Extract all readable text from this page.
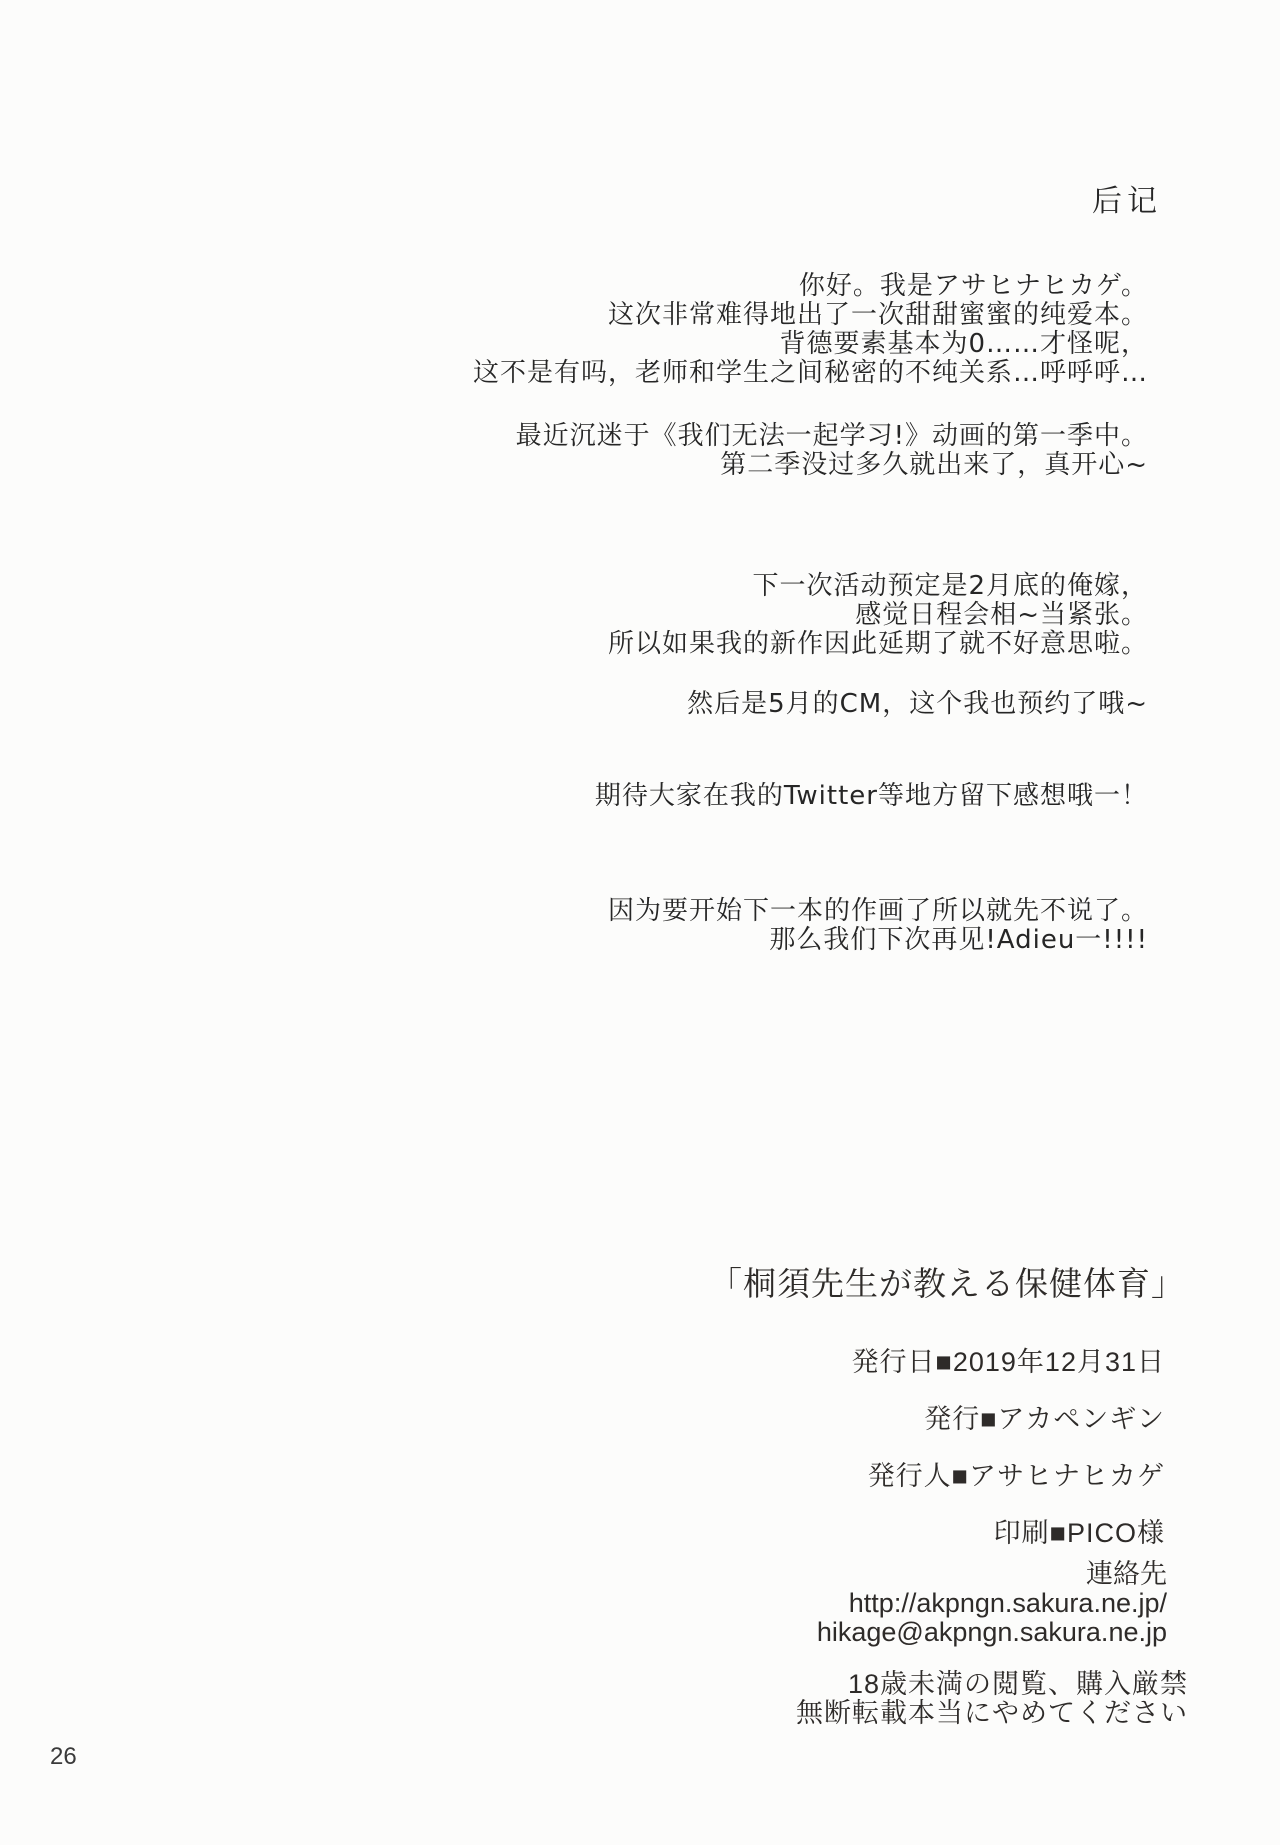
后记
你好。我是アサヒナヒカゲ。
这次非常难得地出了一次甜甜蜜蜜的纯爱本。
背德要素基本为0……才怪呢，
这不是有吗，老师和学生之间秘密的不纯关系…呼呼呼…
最近沉迷于《我们无法一起学习!》动画的第一季中。
第二季没过多久就出来了，真开心~
下一次活动预定是2月底的俺嫁，
感觉日程会相~当紧张。
所以如果我的新作因此延期了就不好意思啦。
然后是5月的CM，这个我也预约了哦~
期待大家在我的Twitter等地方留下感想哦一！
因为要开始下一本的作画了所以就先不说了。
那么我们下次再见!Adieu一!!!!
「桐須先生が教える保健体育」
発行日■2019年12月31日
発行■アカペンギン
発行人■アサヒナヒカゲ
印刷■PICO様
連絡先
http://akpngn.sakura.ne.jp/
hikage@akpngn.sakura.ne.jp
18歳未満の閲覧、購入厳禁
無断転載本当にやめてください
26
